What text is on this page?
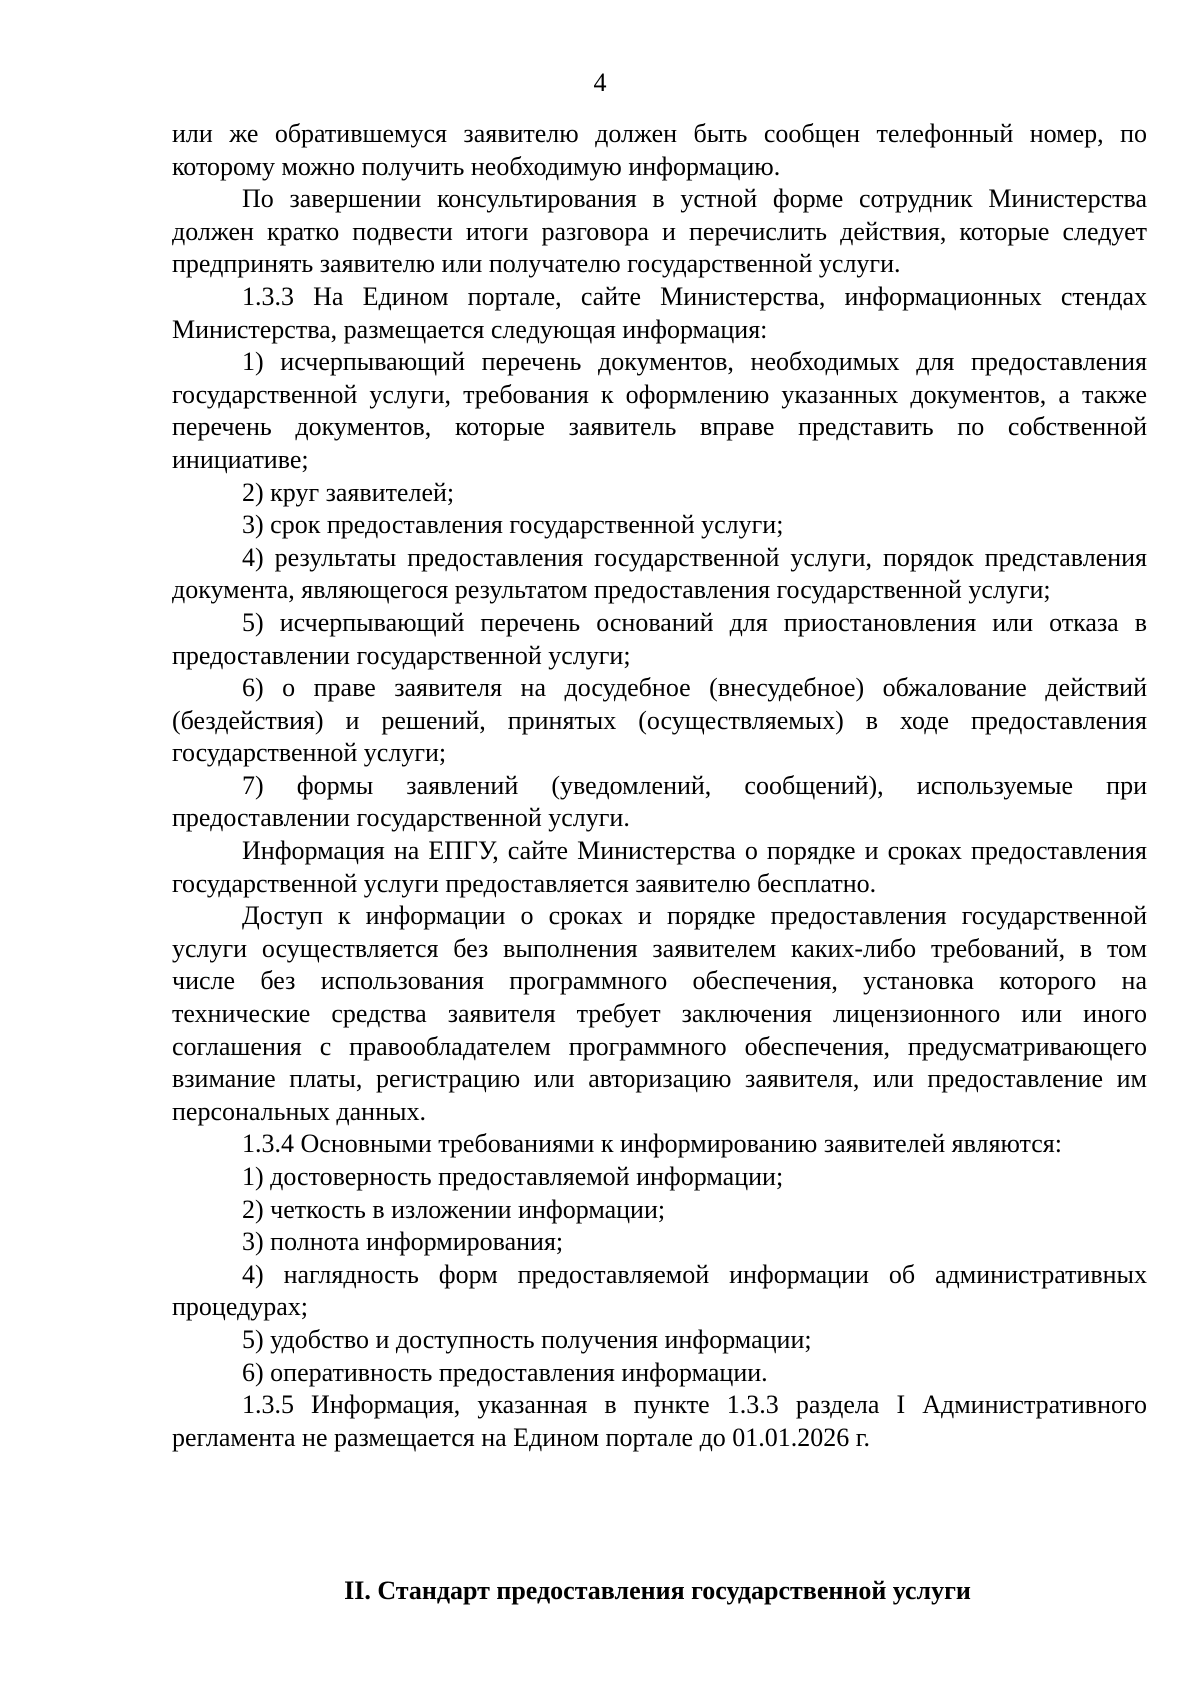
4

или же обратившемуся заявителю должен быть сообщен телефонный номер, по которому можно получить необходимую информацию.

По завершении консультирования в устной форме сотрудник Министерства должен кратко подвести итоги разговора и перечислить действия, которые следует предпринять заявителю или получателю государственной услуги.

1.3.3 На Едином портале, сайте Министерства, информационных стендах Министерства, размещается следующая информация:

1) исчерпывающий перечень документов, необходимых для предоставления государственной услуги, требования к оформлению указанных документов, а также перечень документов, которые заявитель вправе представить по собственной инициативе;

2) круг заявителей;

3) срок предоставления государственной услуги;

4) результаты предоставления государственной услуги, порядок представления документа, являющегося результатом предоставления государственной услуги;

5) исчерпывающий перечень оснований для приостановления или отказа в предоставлении государственной услуги;

6) о праве заявителя на досудебное (внесудебное) обжалование действий (бездействия) и решений, принятых (осуществляемых) в ходе предоставления государственной услуги;

7) формы заявлений (уведомлений, сообщений), используемые при предоставлении государственной услуги.

Информация на ЕПГУ, сайте Министерства о порядке и сроках предоставления государственной услуги предоставляется заявителю бесплатно.

Доступ к информации о сроках и порядке предоставления государственной услуги осуществляется без выполнения заявителем каких-либо требований, в том числе без использования программного обеспечения, установка которого на технические средства заявителя требует заключения лицензионного или иного соглашения с правообладателем программного обеспечения, предусматривающего взимание платы, регистрацию или авторизацию заявителя, или предоставление им персональных данных.

1.3.4 Основными требованиями к информированию заявителей являются:

1) достоверность предоставляемой информации;

2) четкость в изложении информации;

3) полнота информирования;

4) наглядность форм предоставляемой информации об административных процедурах;

5) удобство и доступность получения информации;

6) оперативность предоставления информации.

1.3.5 Информация, указанная в пункте 1.3.3 раздела I Административного регламента не размещается на Едином портале до 01.01.2026 г.

II. Стандарт предоставления государственной услуги
